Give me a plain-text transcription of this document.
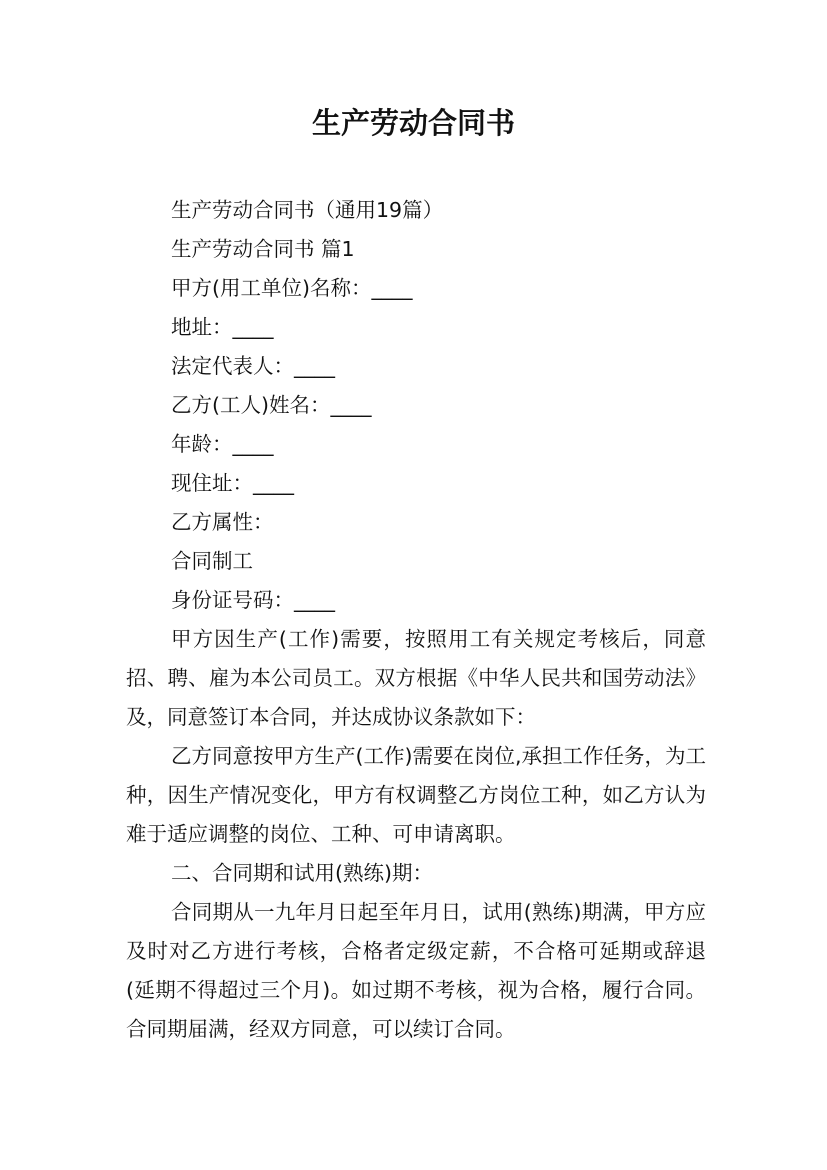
生产劳动合同书

生产劳动合同书（通用19篇）

生产劳动合同书 篇1

甲方(用工单位)名称：____

地址：____

法定代表人：____

乙方(工人)姓名：____

年龄：____

现住址：____

乙方属性：

合同制工

身份证号码：____

甲方因生产(工作)需要，按照用工有关规定考核后，同意招、聘、雇为本公司员工。双方根据《中华人民共和国劳动法》及，同意签订本合同，并达成协议条款如下：

乙方同意按甲方生产(工作)需要在岗位,承担工作任务，为工种，因生产情况变化，甲方有权调整乙方岗位工种，如乙方认为难于适应调整的岗位、工种、可申请离职。

二、合同期和试用(熟练)期：

合同期从一九年月日起至年月日，试用(熟练)期满，甲方应及时对乙方进行考核，合格者定级定薪，不合格可延期或辞退(延期不得超过三个月)。如过期不考核，视为合格，履行合同。合同期届满，经双方同意，可以续订合同。
